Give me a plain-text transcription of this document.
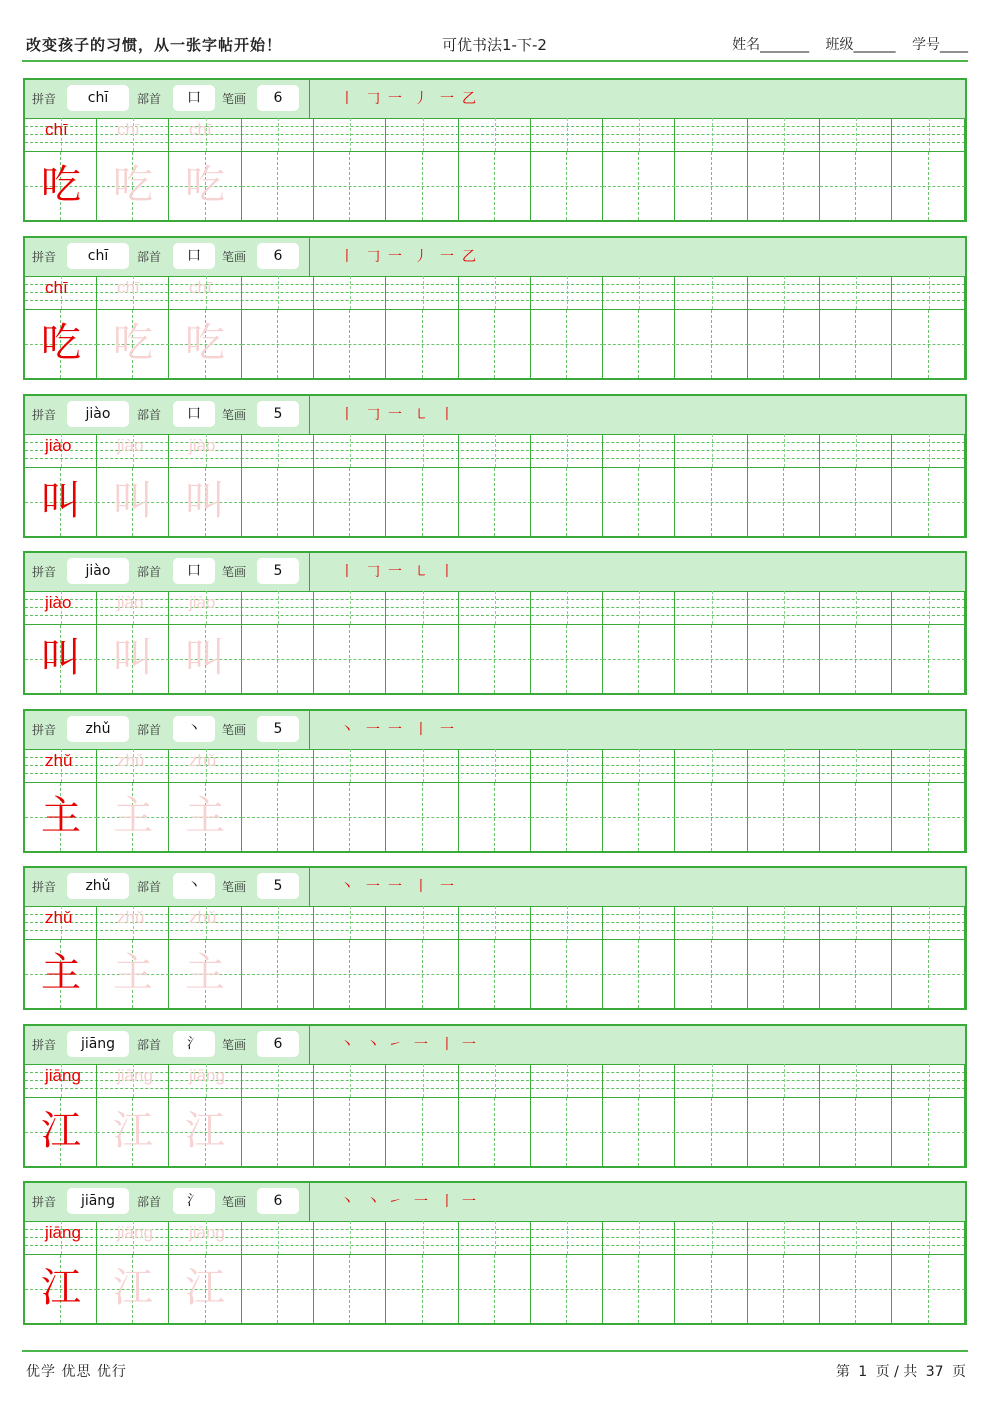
改变孩子的习惯，从一张字帖开始！	可优书法1-下-2	姓名_______ 班级______ 学号____
拼音	chī	部首	口	笔画	6	丨 𠃌 一 丿 一 乙
chī	chī	chī
吃 吃 吃
拼音	chī	部首	口	笔画	6	丨 𠃌 一 丿 一 乙
chī	chī	chī
吃 吃 吃
拼音	jiào	部首	口	笔画	5	丨 𠃌 一 ㇄ 丨
jiào	jiào	jiào
叫 叫 叫
拼音	jiào	部首	口	笔画	5	丨 𠃌 一 ㇄ 丨
jiào	jiào	jiào
叫 叫 叫
拼音	zhǔ	部首	丶	笔画	5	丶 一 一 丨 一
zhǔ	zhǔ	zhǔ
主 主 主
拼音	zhǔ	部首	丶	笔画	5	丶 一 一 丨 一
zhǔ	zhǔ	zhǔ
主 主 主
拼音	jiāng	部首	氵	笔画	6	丶 丶 ㇀ 一 丨 一
jiāng jiāng jiāng
江 江 江
拼音	jiāng	部首	氵	笔画	6	丶 丶 ㇀ 一 丨 一
jiāng jiāng jiāng
江 江 江
优学 优思 优行	第 1 页 / 共 37 页
